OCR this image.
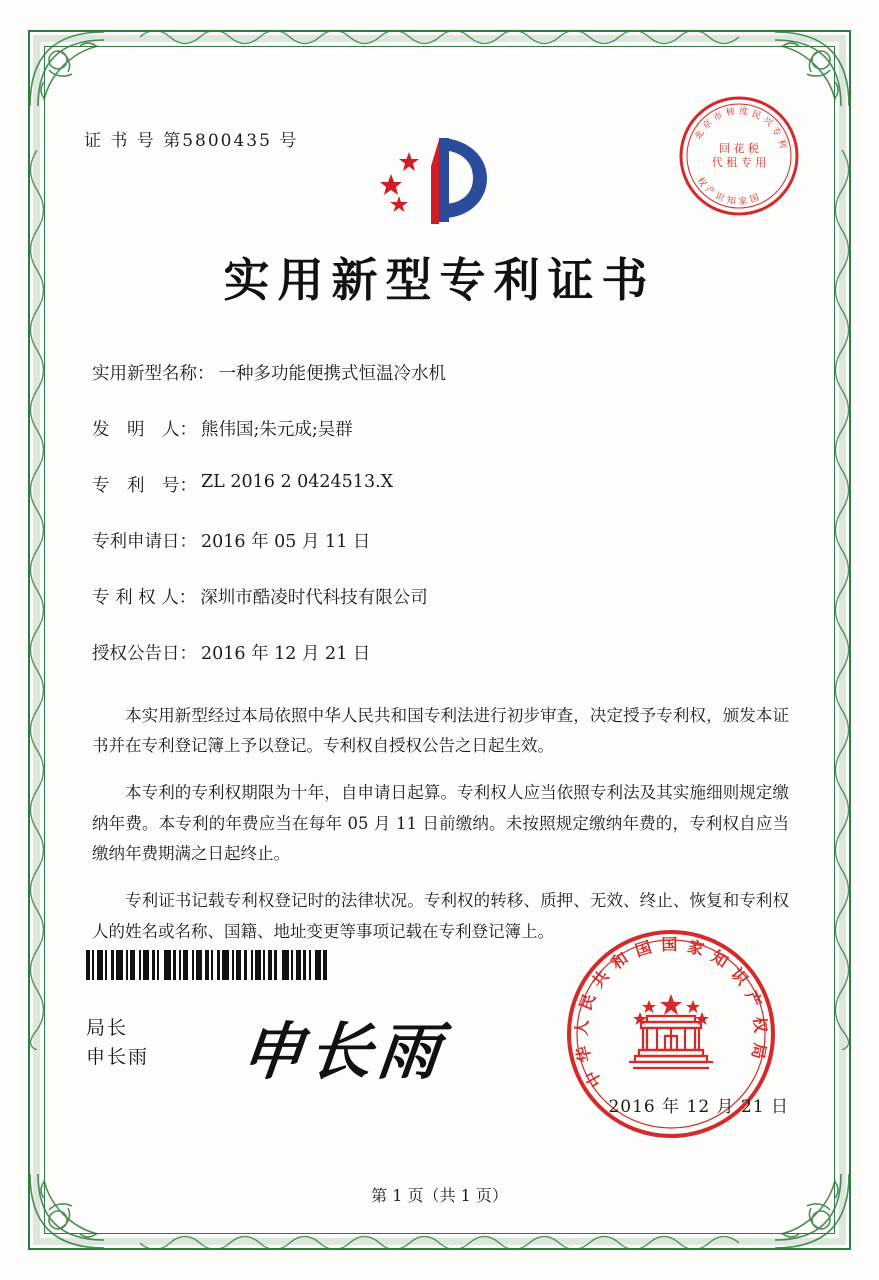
证 书 号 第5800435 号	北
京
市 柿 度 民
兴
专
利
国
家
知
识
产
权
回 花 税
代 租 专 用
实用新型专利证书
实用新型名称： 一种多功能便携式恒温冷水机
发　明　人： 熊伟国;朱元成;吴群
专　利　号： ZL 2016 2 0424513.X
专利申请日： 2016 年 05 月 11 日
专 利 权 人： 深圳市酷凌时代科技有限公司
授权公告日： 2016 年 12 月 21 日

本实用新型经过本局依照中华人民共和国专利法进行初步审查，决定授予专利权，颁发本证书并在专利登记簿上予以登记。专利权自授权公告之日起生效。

本专利的专利权期限为十年，自申请日起算。专利权人应当依照专利法及其实施细则规定缴纳年费。本专利的年费应当在每年 05 月 11 日前缴纳。未按照规定缴纳年费的，专利权自应当缴纳年费期满之日起终止。

专利证书记载专利权登记时的法律状况。专利权的转移、质押、无效、终止、恢复和专利权人的姓名或名称、国籍、地址变更等事项记载在专利登记簿上。

局长
申长雨 申长雨	中
华
人
民
共
和 国 国 家 知
识
产
权
局
2016 年 12 月 21 日
第 1 页（共 1 页）
